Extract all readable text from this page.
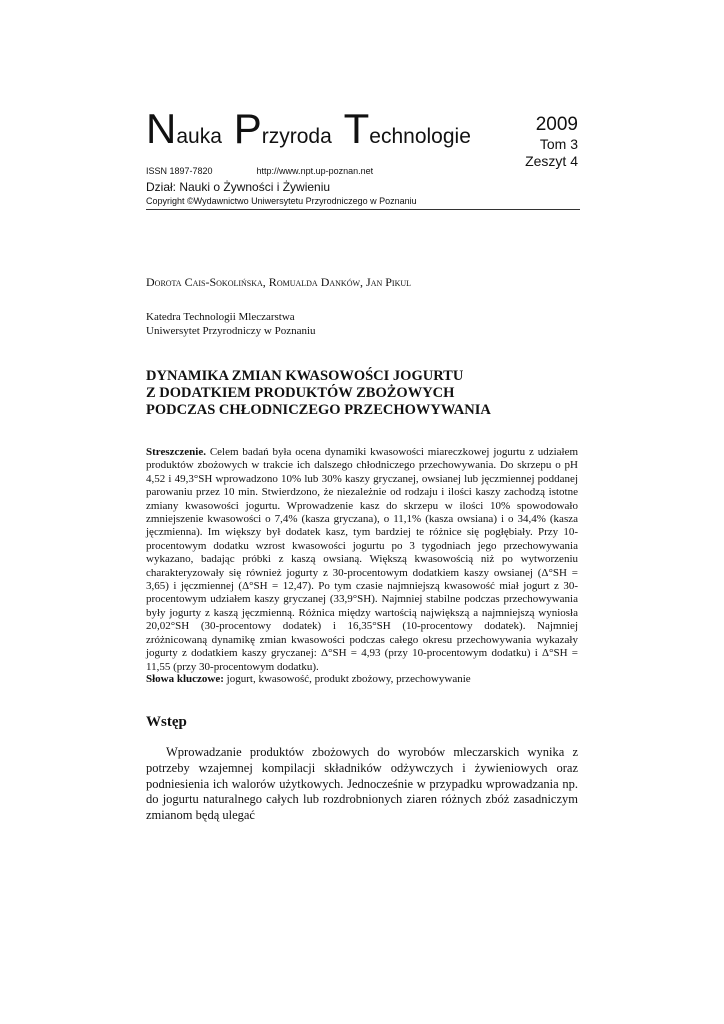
Nauka Przyroda Technologie
2009
Tom 3
Zeszyt 4
ISSN 1897-7820	http://www.npt.up-poznan.net
Dział: Nauki o Żywności i Żywieniu
Copyright ©Wydawnictwo Uniwersytetu Przyrodniczego w Poznaniu
Dorota Cais-Sokolińska, Romualda Danków, Jan Pikul
Katedra Technologii Mleczarstwa
Uniwersytet Przyrodniczy w Poznaniu
DYNAMIKA ZMIAN KWASOWOŚCI JOGURTU
Z DODATKIEM PRODUKTÓW ZBOŻOWYCH
PODCZAS CHŁODNICZEGO PRZECHOWYWANIA
Streszczenie. Celem badań była ocena dynamiki kwasowości miareczkowej jogurtu z udziałem produktów zbożowych w trakcie ich dalszego chłodniczego przechowywania. Do skrzepu o pH 4,52 i 49,3°SH wprowadzono 10% lub 30% kaszy gryczanej, owsianej lub jęczmiennej poddanej parowaniu przez 10 min. Stwierdzono, że niezależnie od rodzaju i ilości kaszy zachodzą istotne zmiany kwasowości jogurtu. Wprowadzenie kasz do skrzepu w ilości 10% spowodowało zmniejszenie kwasowości o 7,4% (kasza gryczana), o 11,1% (kasza owsiana) i o 34,4% (kasza jęczmienna). Im większy był dodatek kasz, tym bardziej te różnice się pogłębiały. Przy 10-procentowym dodatku wzrost kwasowości jogurtu po 3 tygodniach jego przechowywania wykazano, badając próbki z kaszą owsianą. Większą kwasowością niż po wytworzeniu charakteryzowały się również jogurty z 30-procentowym dodatkiem kaszy owsianej (Δ°SH = 3,65) i jęczmiennej (Δ°SH = 12,47). Po tym czasie najmniejszą kwasowość miał jogurt z 30-procentowym udziałem kaszy gryczanej (33,9°SH). Najmniej stabilne podczas przechowywania były jogurty z kaszą jęczmienną. Różnica między wartością największą a najmniejszą wyniosła 20,02°SH (30-procentowy dodatek) i 16,35°SH (10-procentowy dodatek). Najmniej zróżnicowaną dynamikę zmian kwasowości podczas całego okresu przechowywania wykazały jogurty z dodatkiem kaszy gryczanej: Δ°SH = 4,93 (przy 10-procentowym dodatku) i Δ°SH = 11,55 (przy 30-procentowym dodatku).
Słowa kluczowe: jogurt, kwasowość, produkt zbożowy, przechowywanie
Wstęp
Wprowadzanie produktów zbożowych do wyrobów mleczarskich wynika z potrzeby wzajemnej kompilacji składników odżywczych i żywieniowych oraz podniesienia ich walorów użytkowych. Jednocześnie w przypadku wprowadzania np. do jogurtu naturalnego całych lub rozdrobnionych ziaren różnych zbóż zasadniczym zmianom będą ulegać
